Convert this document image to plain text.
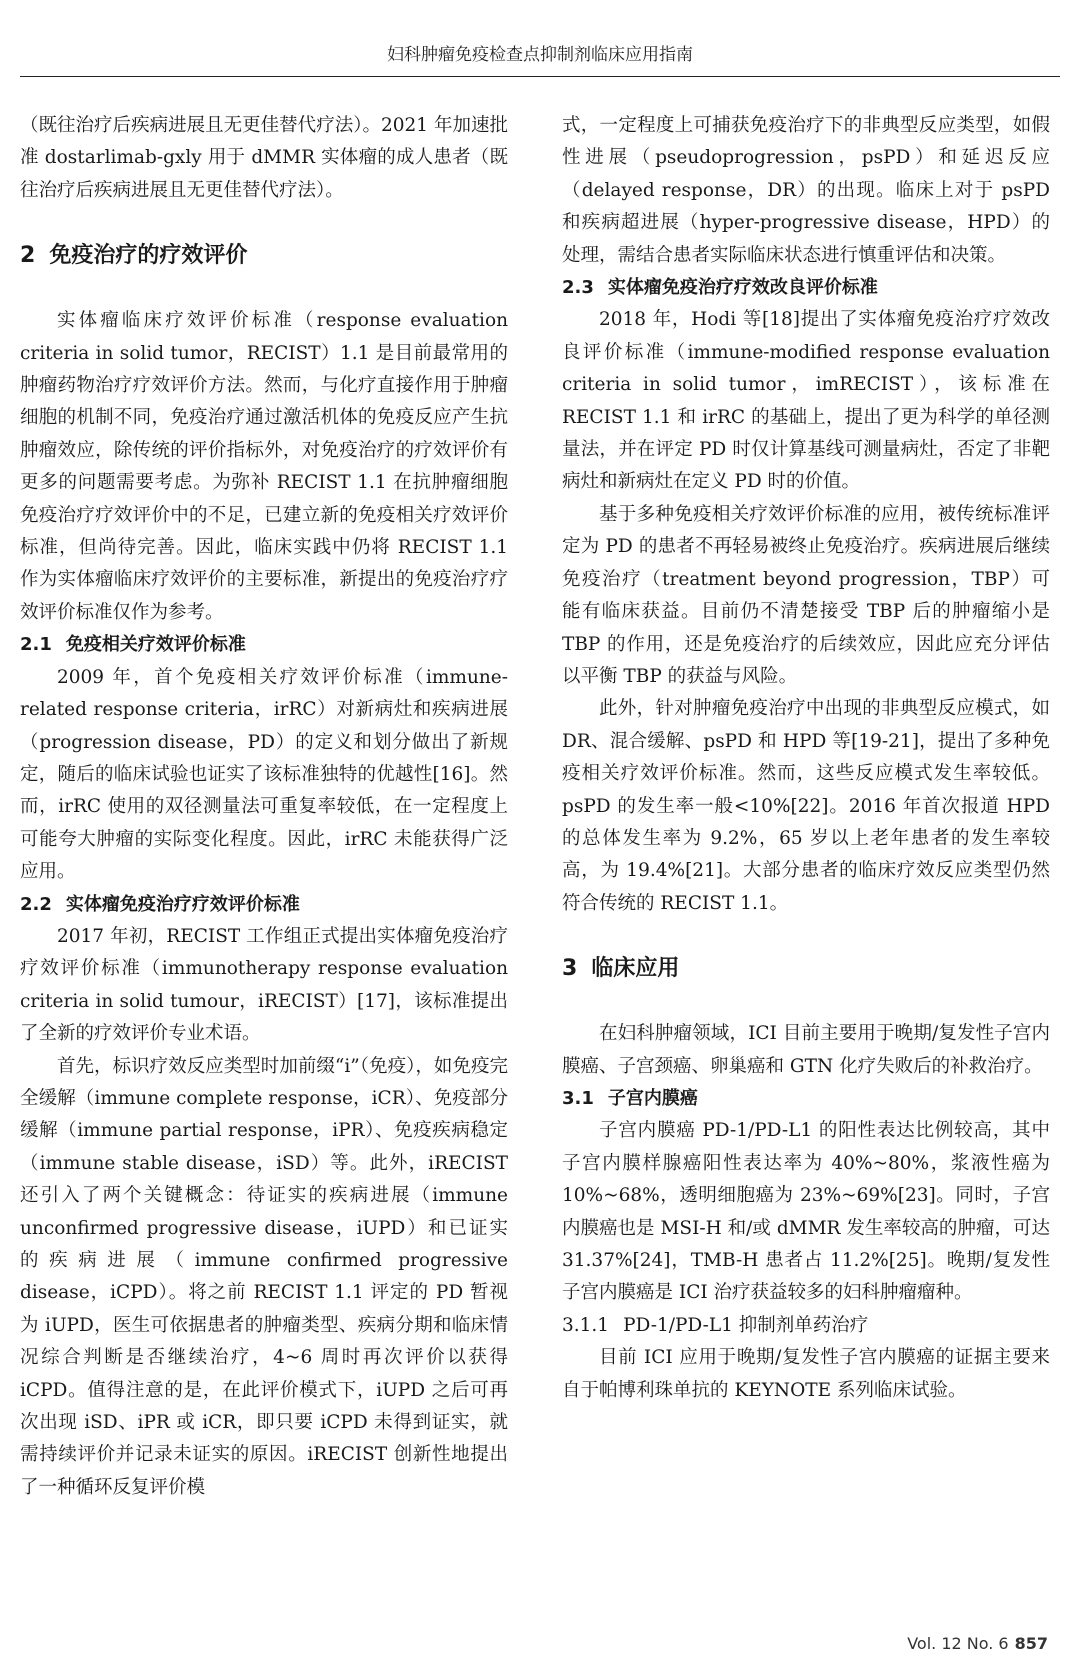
妇科肿瘤免疫检查点抑制剂临床应用指南

（既往治疗后疾病进展且无更佳替代疗法）。2021 年加速批准 dostarlimab-gxly 用于 dMMR 实体瘤的成人患者（既往治疗后疾病进展且无更佳替代疗法）。

2 免疫治疗的疗效评价

实体瘤临床疗效评价标准（response evaluation criteria in solid tumor，RECIST）1.1 是目前最常用的肿瘤药物治疗疗效评价方法。然而，与化疗直接作用于肿瘤细胞的机制不同，免疫治疗通过激活机体的免疫反应产生抗肿瘤效应，除传统的评价指标外，对免疫治疗的疗效评价有更多的问题需要考虑。为弥补 RECIST 1.1 在抗肿瘤细胞免疫治疗疗效评价中的不足，已建立新的免疫相关疗效评价标准，但尚待完善。因此，临床实践中仍将 RECIST 1.1 作为实体瘤临床疗效评价的主要标准，新提出的免疫治疗疗效评价标准仅作为参考。

2.1 免疫相关疗效评价标准

2009 年，首个免疫相关疗效评价标准（immune-related response criteria，irRC）对新病灶和疾病进展（progression disease，PD）的定义和划分做出了新规定，随后的临床试验也证实了该标准独特的优越性[16]。然而，irRC 使用的双径测量法可重复率较低，在一定程度上可能夸大肿瘤的实际变化程度。因此，irRC 未能获得广泛应用。

2.2 实体瘤免疫治疗疗效评价标准

2017 年初，RECIST 工作组正式提出实体瘤免疫治疗疗效评价标准（immunotherapy response evaluation criteria in solid tumour，iRECIST）[17]，该标准提出了全新的疗效评价专业术语。

首先，标识疗效反应类型时加前缀“i”（免疫），如免疫完全缓解（immune complete response，iCR）、免疫部分缓解（immune partial response，iPR）、免疫疾病稳定（immune stable disease，iSD）等。此外，iRECIST 还引入了两个关键概念：待证实的疾病进展（immune unconfirmed progressive disease，iUPD）和已证实的疾病进展（immune confirmed progressive disease，iCPD）。将之前 RECIST 1.1 评定的 PD 暂视为 iUPD，医生可依据患者的肿瘤类型、疾病分期和临床情况综合判断是否继续治疗，4~6 周时再次评价以获得 iCPD。值得注意的是，在此评价模式下，iUPD 之后可再次出现 iSD、iPR 或 iCR，即只要 iCPD 未得到证实，就需持续评价并记录未证实的原因。iRECIST 创新性地提出了一种循环反复评价模

式，一定程度上可捕获免疫治疗下的非典型反应类型，如假性进展（pseudoprogression，psPD）和延迟反应（delayed response，DR）的出现。临床上对于 psPD 和疾病超进展（hyper-progressive disease，HPD）的处理，需结合患者实际临床状态进行慎重评估和决策。

2.3 实体瘤免疫治疗疗效改良评价标准

2018 年，Hodi 等[18]提出了实体瘤免疫治疗疗效改良评价标准（immune-modified response evaluation criteria in solid tumor，imRECIST），该标准在 RECIST 1.1 和 irRC 的基础上，提出了更为科学的单径测量法，并在评定 PD 时仅计算基线可测量病灶，否定了非靶病灶和新病灶在定义 PD 时的价值。

基于多种免疫相关疗效评价标准的应用，被传统标准评定为 PD 的患者不再轻易被终止免疫治疗。疾病进展后继续免疫治疗（treatment beyond progression，TBP）可能有临床获益。目前仍不清楚接受 TBP 后的肿瘤缩小是 TBP 的作用，还是免疫治疗的后续效应，因此应充分评估以平衡 TBP 的获益与风险。

此外，针对肿瘤免疫治疗中出现的非典型反应模式，如 DR、混合缓解、psPD 和 HPD 等[19-21]，提出了多种免疫相关疗效评价标准。然而，这些反应模式发生率较低。psPD 的发生率一般<10%[22]。2016 年首次报道 HPD 的总体发生率为 9.2%，65 岁以上老年患者的发生率较高，为 19.4%[21]。大部分患者的临床疗效反应类型仍然符合传统的 RECIST 1.1。

3 临床应用

在妇科肿瘤领域，ICI 目前主要用于晚期/复发性子宫内膜癌、子宫颈癌、卵巢癌和 GTN 化疗失败后的补救治疗。

3.1 子宫内膜癌

子宫内膜癌 PD-1/PD-L1 的阳性表达比例较高，其中子宫内膜样腺癌阳性表达率为 40%~80%，浆液性癌为 10%~68%，透明细胞癌为 23%~69%[23]。同时，子宫内膜癌也是 MSI-H 和/或 dMMR 发生率较高的肿瘤，可达 31.37%[24]，TMB-H 患者占 11.2%[25]。晚期/复发性子宫内膜癌是 ICI 治疗获益较多的妇科肿瘤瘤种。

3.1.1 PD-1/PD-L1 抑制剂单药治疗

目前 ICI 应用于晚期/复发性子宫内膜癌的证据主要来自于帕博利珠单抗的 KEYNOTE 系列临床试验。

Vol. 12 No. 6 857
